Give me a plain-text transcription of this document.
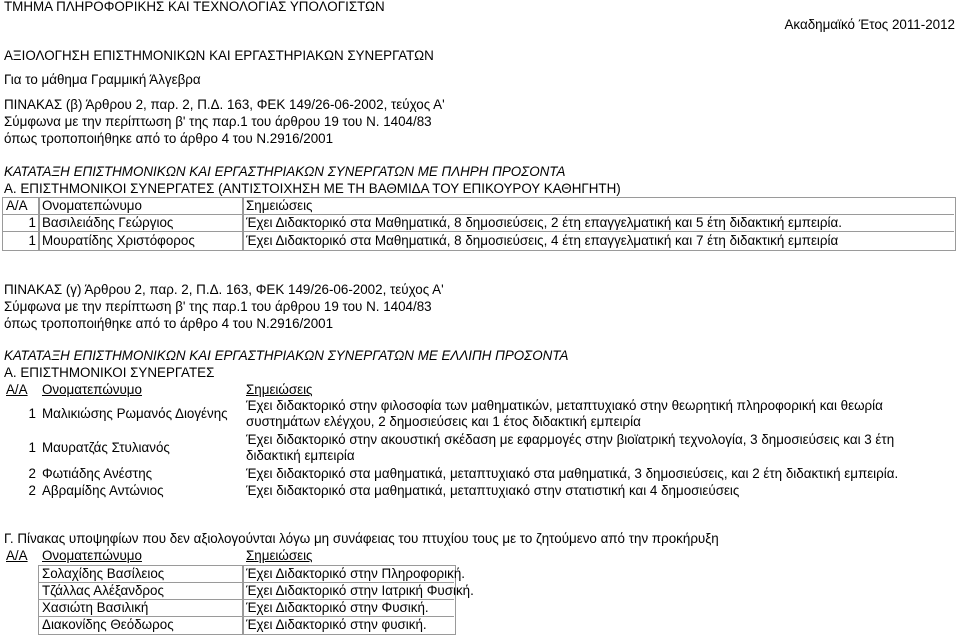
ΤΜΗΜΑ ΠΛΗΡΟΦΟΡΙΚΗΣ ΚΑΙ ΤΕΧΝΟΛΟΓΙΑΣ ΥΠΟΛΟΓΙΣΤΩΝ
Ακαδημαϊκό Έτος 2011-2012
ΑΞΙΟΛΟΓΗΣΗ ΕΠΙΣΤΗΜΟΝΙΚΩΝ ΚΑΙ ΕΡΓΑΣΤΗΡΙΑΚΩΝ ΣΥΝΕΡΓΑΤΩΝ
Για το μάθημα Γραμμική Άλγεβρα
ΠΙΝΑΚΑΣ (β) Άρθρου 2, παρ. 2, Π.Δ. 163, ΦΕΚ 149/26-06-2002, τεύχος Α'
Σύμφωνα με την περίπτωση β' της παρ.1 του άρθρου 19 του Ν. 1404/83
όπως τροποποιήθηκε από το άρθρο 4 του Ν.2916/2001
ΚΑΤΑΤΑΞΗ ΕΠΙΣΤΗΜΟΝΙΚΩΝ ΚΑΙ ΕΡΓΑΣΤΗΡΙΑΚΩΝ ΣΥΝΕΡΓΑΤΩΝ ΜΕ ΠΛΗΡΗ ΠΡΟΣΟΝΤΑ
Α. ΕΠΙΣΤΗΜΟΝΙΚΟΙ ΣΥΝΕΡΓΑΤΕΣ (ΑΝΤΙΣΤΟΙΧΗΣΗ ΜΕ ΤΗ ΒΑΘΜΙΔΑ ΤΟΥ ΕΠΙΚΟΥΡΟΥ ΚΑΘΗΓΗΤΗ)
Α/Α Ονοματεπώνυμο	Σημειώσεις
1 Βασιλειάδης Γεώργιος	Έχει Διδακτορικό στα Μαθηματικά, 8 δημοσιεύσεις, 2 έτη επαγγελματική και 5 έτη διδακτική εμπειρία.
1 Μουρατίδης Χριστόφορος	Έχει Διδακτορικό στα Μαθηματικά, 8 δημοσιεύσεις, 4 έτη επαγγελματική και 7 έτη διδακτική εμπειρία
ΠΙΝΑΚΑΣ (γ) Άρθρου 2, παρ. 2, Π.Δ. 163, ΦΕΚ 149/26-06-2002, τεύχος Α'
Σύμφωνα με την περίπτωση β' της παρ.1 του άρθρου 19 του Ν. 1404/83
όπως τροποποιήθηκε από το άρθρο 4 του Ν.2916/2001
ΚΑΤΑΤΑΞΗ ΕΠΙΣΤΗΜΟΝΙΚΩΝ ΚΑΙ ΕΡΓΑΣΤΗΡΙΑΚΩΝ ΣΥΝΕΡΓΑΤΩΝ ΜΕ ΕΛΛΙΠΗ ΠΡΟΣΟΝΤΑ
Α. ΕΠΙΣΤΗΜΟΝΙΚΟΙ ΣΥΝΕΡΓΑΤΕΣ
Α/Α Ονοματεπώνυμο	Σημειώσεις
1 Μαλικιώσης Ρωμανός Διογένης
Έχει διδακτορικό στην φιλοσοφία των μαθηματικών, μεταπτυχιακό στην θεωρητική πληροφορική και θεωρία συστημάτων ελέγχου, 2 δημοσιεύσεις και 1 έτος διδακτική εμπειρία
1 Μαυρατζάς Στυλιανός
Έχει διδακτορικό στην ακουστική σκέδαση με εφαρμογές στην βιοϊατρική τεχνολογία, 3 δημοσιεύσεις και 3 έτη διδακτική εμπειρία
2 Φωτιάδης Ανέστης	Έχει διδακτορικό στα μαθηματικά, μεταπτυχιακό στα μαθηματικά, 3 δημοσιεύσεις, και 2 έτη διδακτική εμπειρία.
2 Αβραμίδης Αντώνιος	Έχει διδακτορικό στα μαθηματικά, μεταπτυχιακό στην στατιστική και 4 δημοσιεύσεις
Γ. Πίνακας υποψηφίων που δεν αξιολογούνται λόγω μη συνάφειας του πτυχίου τους με το ζητούμενο από την προκήρυξη
Α/Α Ονοματεπώνυμο	Σημειώσεις
Σολαχίδης Βασίλειος	Έχει Διδακτορικό στην Πληροφορική.
Τζάλλας Αλέξανδρος	Έχει Διδακτορικό στην Ιατρική Φυσική.
Χασιώτη Βασιλική	Έχει Διδακτορικό στην Φυσική.
Διακονίδης Θεόδωρος	Έχει Διδακτορικό στην φυσική.
